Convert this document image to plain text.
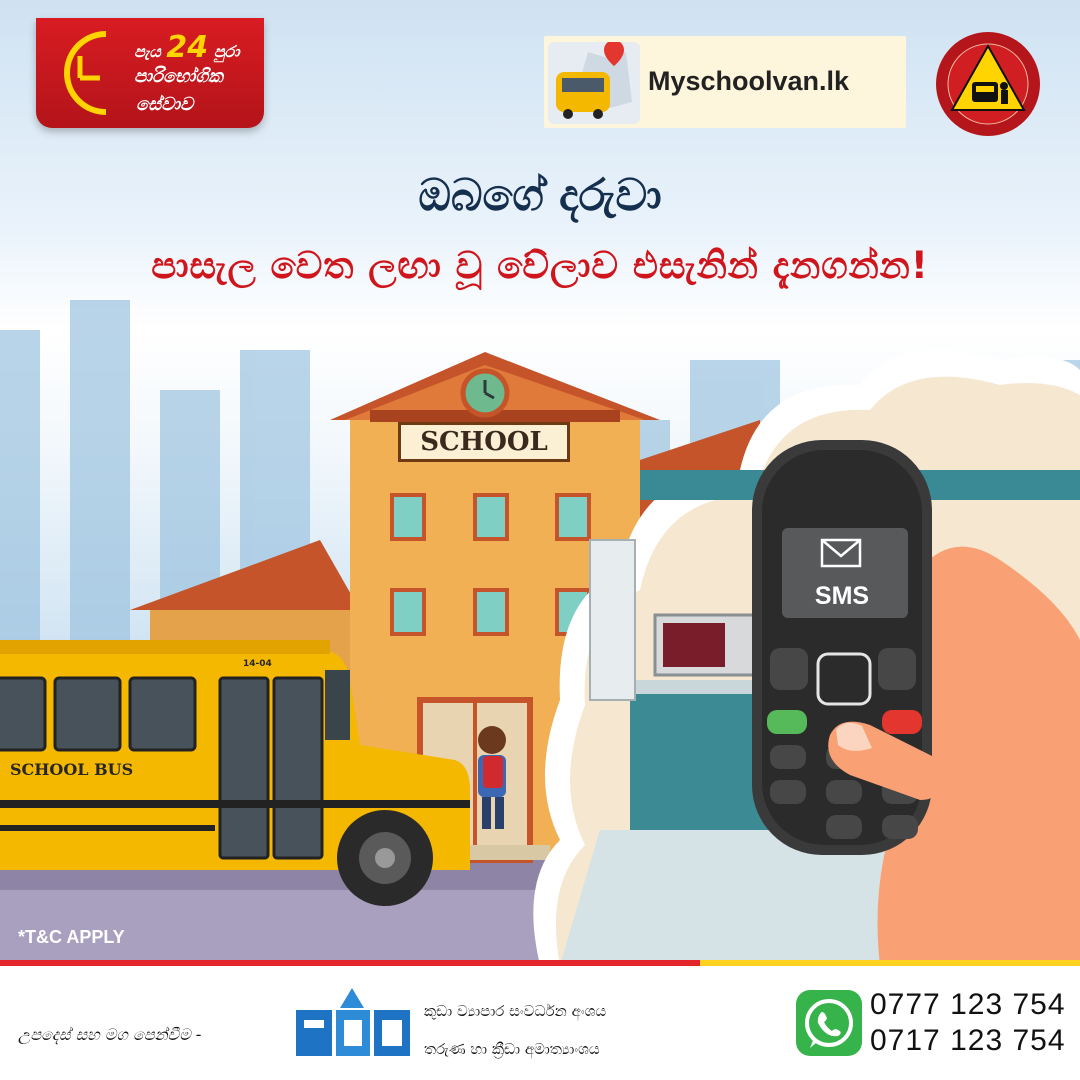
පැය 24 පුරා
පාරිභෝගික
සේවාව
Myschoolvan.lk
ඔබගේ දරුවා
පාසැල වෙත ලඟා වූ වේලාව එසැනින් දැනගන්න!
SCHOOL
SCHOOL BUS
14-04
SMS
*T&C APPLY
උපදෙස් සහ මග පෙන්වීම -
කුඩා ව්‍යාපාර සංවර්ධන අංශය
තරුණ හා ක්‍රීඩා අමාත්‍යාංශය
0777 123 754
0717 123 754
